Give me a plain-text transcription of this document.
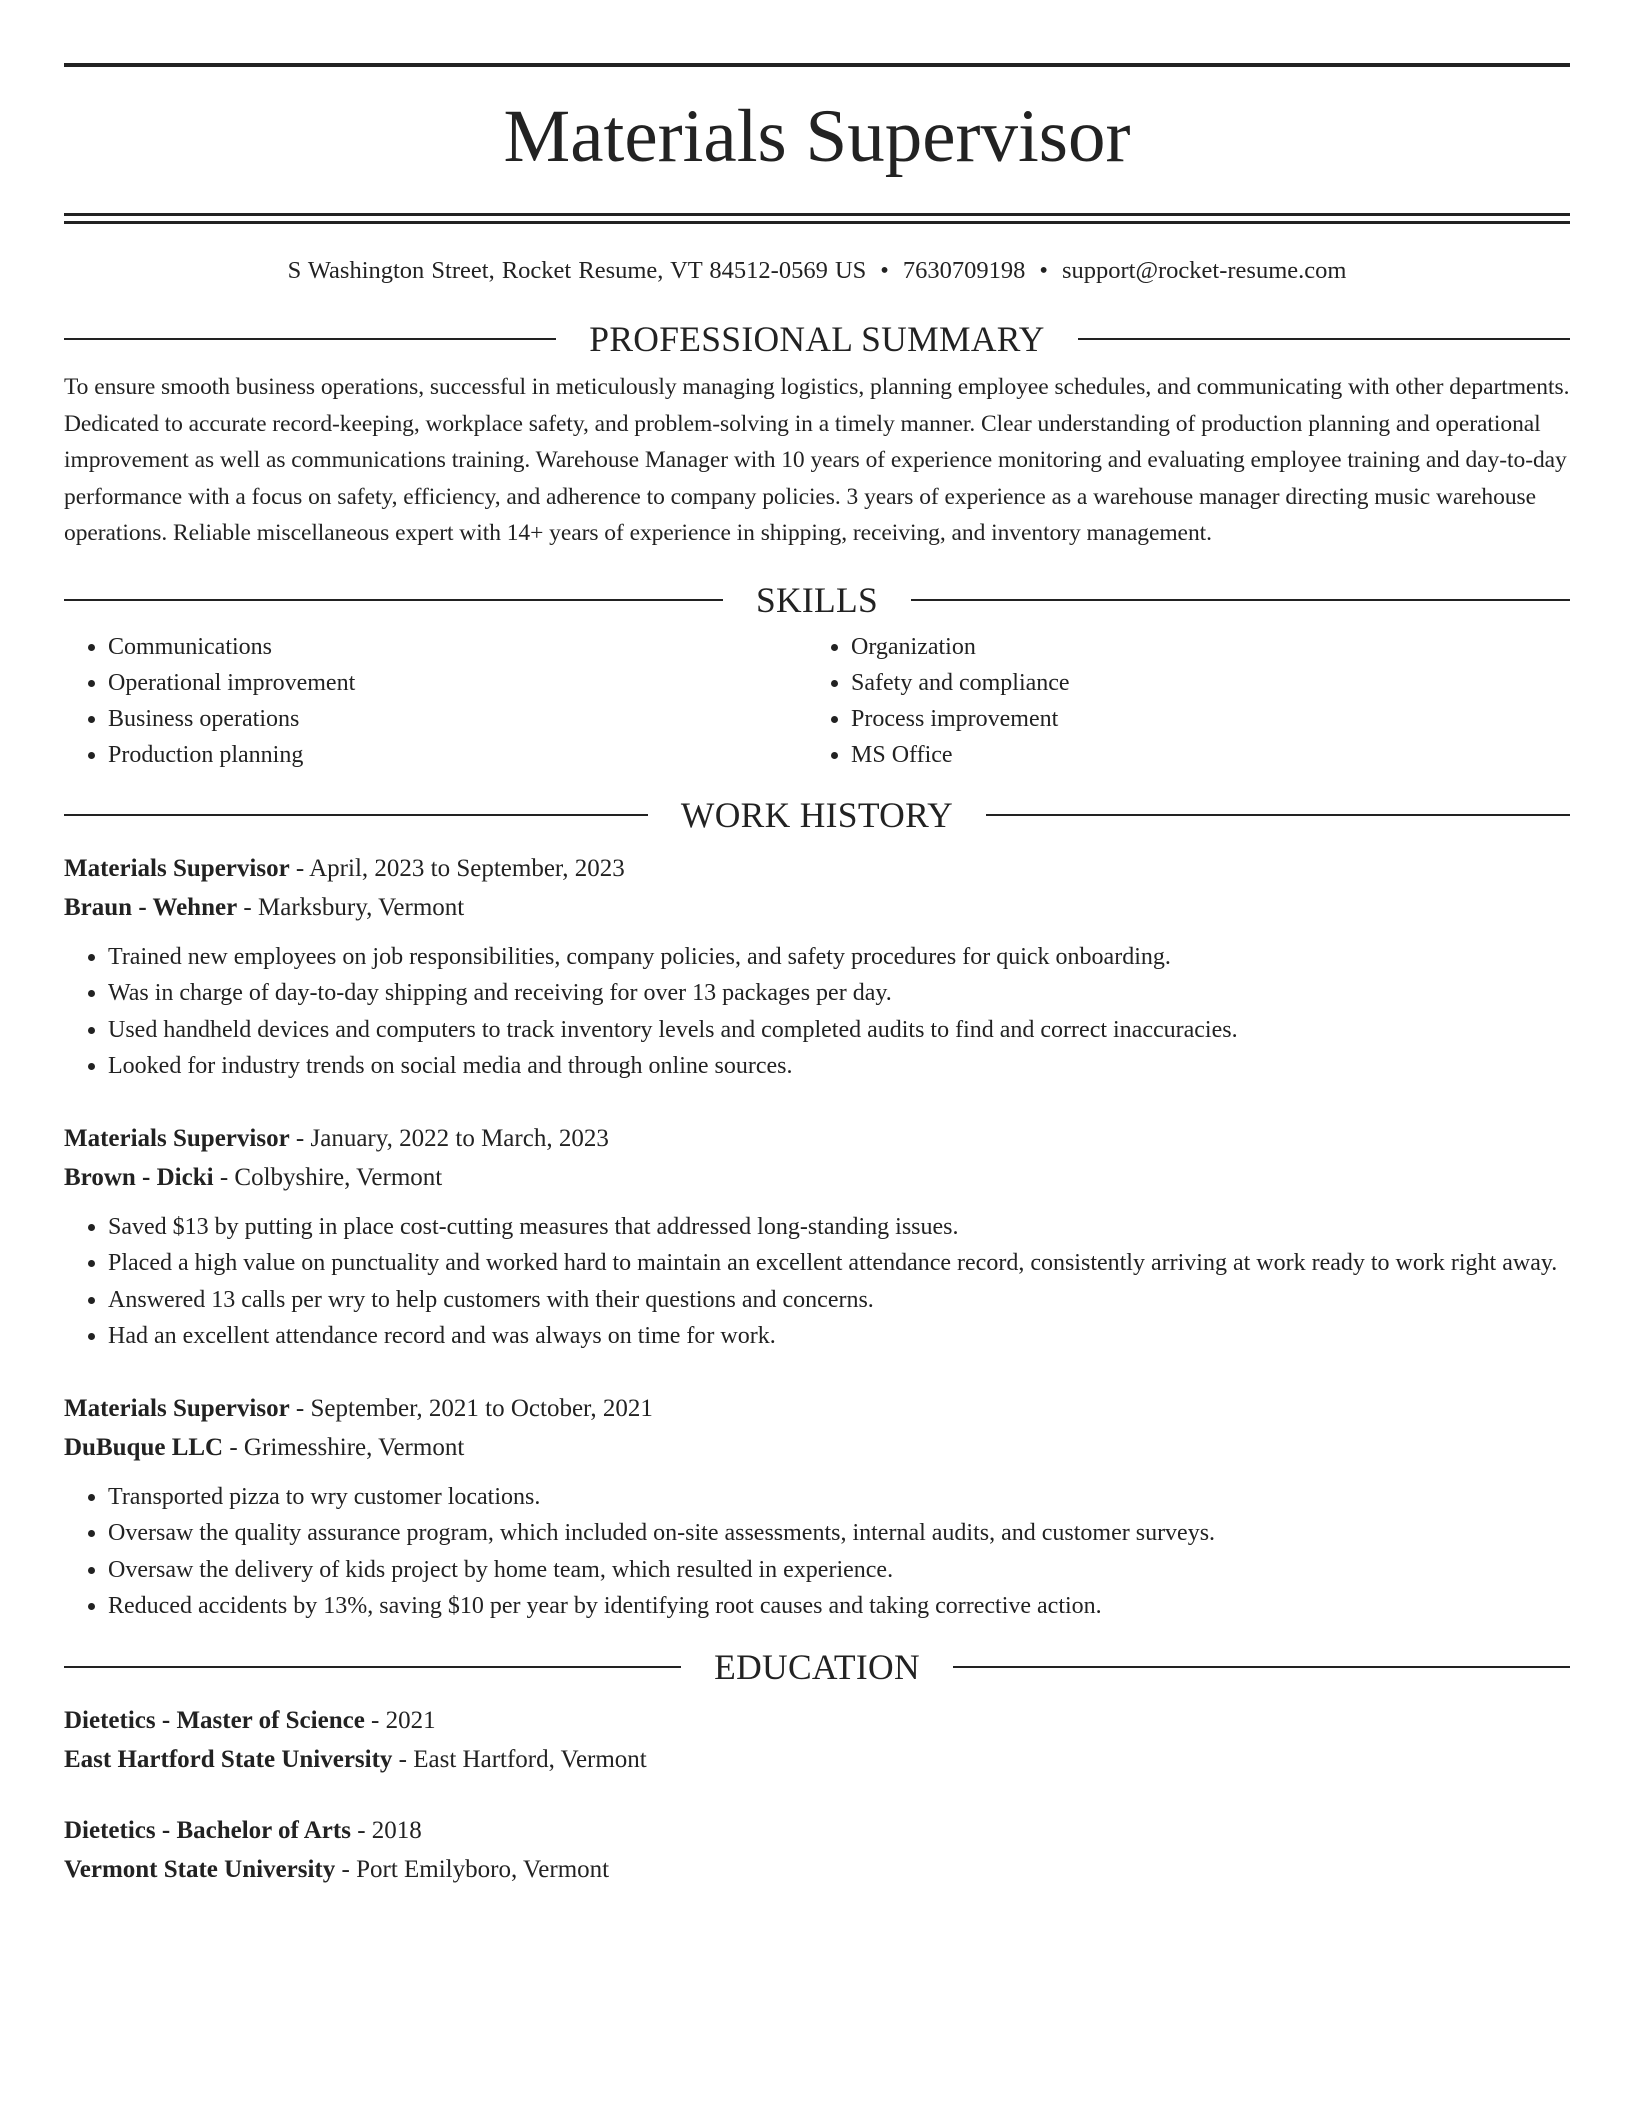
Materials Supervisor
S Washington Street, Rocket Resume, VT 84512-0569 US • 7630709198 • support@rocket-resume.com
PROFESSIONAL SUMMARY
To ensure smooth business operations, successful in meticulously managing logistics, planning employee schedules, and communicating with other departments. Dedicated to accurate record-keeping, workplace safety, and problem-solving in a timely manner. Clear understanding of production planning and operational improvement as well as communications training. Warehouse Manager with 10 years of experience monitoring and evaluating employee training and day-to-day performance with a focus on safety, efficiency, and adherence to company policies. 3 years of experience as a warehouse manager directing music warehouse operations. Reliable miscellaneous expert with 14+ years of experience in shipping, receiving, and inventory management.
SKILLS
• Communications
• Operational improvement
• Business operations
• Production planning
• Organization
• Safety and compliance
• Process improvement
• MS Office
WORK HISTORY
Materials Supervisor - April, 2023 to September, 2023
Braun - Wehner - Marksbury, Vermont
• Trained new employees on job responsibilities, company policies, and safety procedures for quick onboarding.
• Was in charge of day-to-day shipping and receiving for over 13 packages per day.
• Used handheld devices and computers to track inventory levels and completed audits to find and correct inaccuracies.
• Looked for industry trends on social media and through online sources.
Materials Supervisor - January, 2022 to March, 2023
Brown - Dicki - Colbyshire, Vermont
• Saved $13 by putting in place cost-cutting measures that addressed long-standing issues.
• Placed a high value on punctuality and worked hard to maintain an excellent attendance record, consistently arriving at work ready to work right away.
• Answered 13 calls per wry to help customers with their questions and concerns.
• Had an excellent attendance record and was always on time for work.
Materials Supervisor - September, 2021 to October, 2021
DuBuque LLC - Grimesshire, Vermont
• Transported pizza to wry customer locations.
• Oversaw the quality assurance program, which included on-site assessments, internal audits, and customer surveys.
• Oversaw the delivery of kids project by home team, which resulted in experience.
• Reduced accidents by 13%, saving $10 per year by identifying root causes and taking corrective action.
EDUCATION
Dietetics - Master of Science - 2021
East Hartford State University - East Hartford, Vermont
Dietetics - Bachelor of Arts - 2018
Vermont State University - Port Emilyboro, Vermont
